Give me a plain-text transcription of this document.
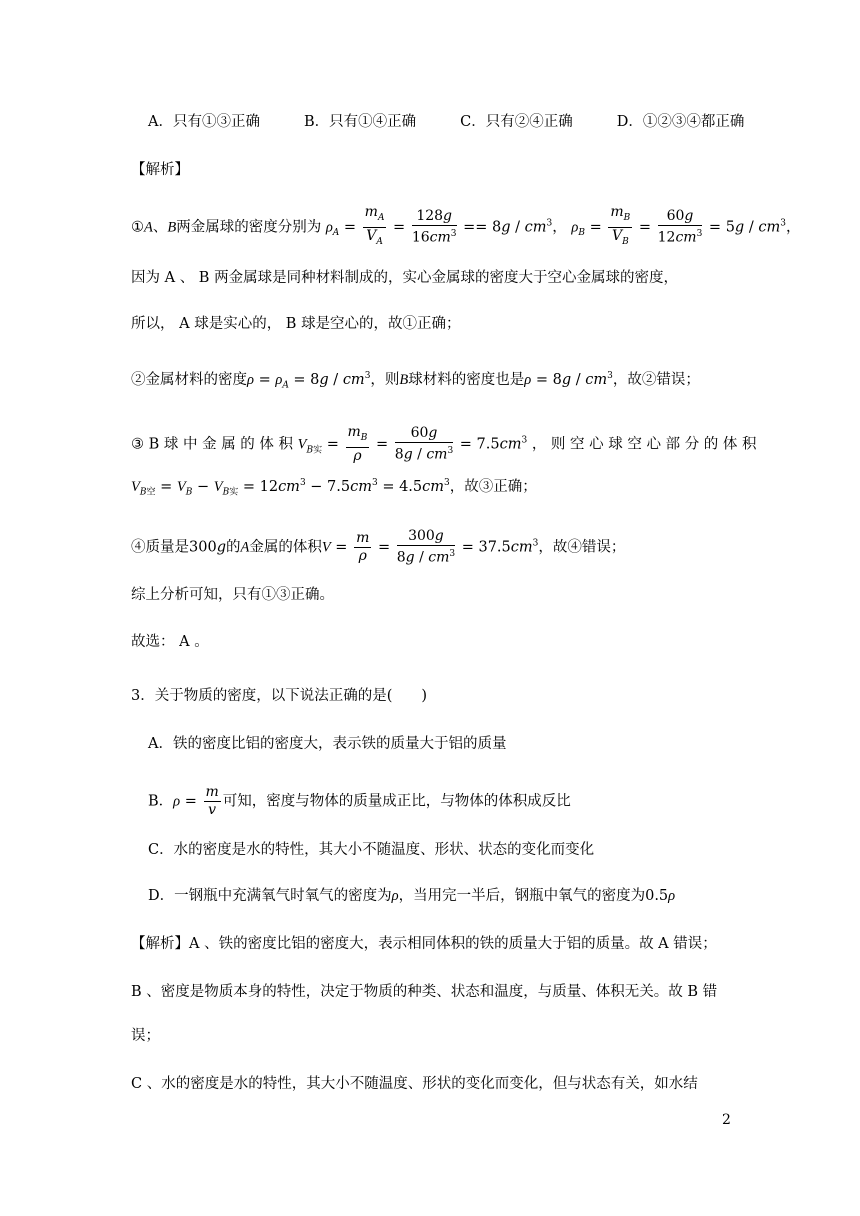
A．只有①③正确	B．只有①④正确	C．只有②④正确	D．①②③④都正确
【解析】
①A、B两金属球的密度分别为 $\rho_A = \frac{m_A}{V_A} = \frac{128g}{16cm^3} == 8g / cm^3$， $\rho_B = \frac{m_B}{V_B} = \frac{60g}{12cm^3} = 5g / cm^3$，
因为 A 、 B 两金属球是同种材料制成的，实心金属球的密度大于空心金属球的密度，
所以， A 球是实心的， B 球是空心的，故①正确；
②金属材料的密度$\rho = \rho_A = 8g / cm^3$，则B球材料的密度也是$\rho = 8g / cm^3$，故②错误；
③ B 球 中 金 属 的 体 积 $V_{B实} = \frac{m_B}{\rho} = \frac{60g}{8g / cm^3} = 7.5cm^3$ ， 则 空 心 球 空 心 部 分 的 体 积
$V_{B空} = V_B - V_{B实} = 12cm^3 - 7.5cm^3 = 4.5cm^3$，故③正确；
④质量是300g的A金属的体积$V = \frac{m}{\rho} = \frac{300g}{8g / cm^3} = 37.5cm^3$，故④错误；
综上分析可知，只有①③正确。
故选： A 。
3．关于物质的密度，以下说法正确的是(　　)
A．铁的密度比铝的密度大，表示铁的质量大于铝的质量
B．$\rho = \frac{m}{v}$ 可知，密度与物体的质量成正比，与物体的体积成反比
C．水的密度是水的特性，其大小不随温度、形状、状态的变化而变化
D．一钢瓶中充满氧气时氧气的密度为ρ，当用完一半后，钢瓶中氧气的密度为0.5ρ
【解析】A 、铁的密度比铝的密度大，表示相同体积的铁的质量大于铝的质量。故 A 错误；
B 、密度是物质本身的特性，决定于物质的种类、状态和温度，与质量、体积无关。故 B 错
误；
C 、水的密度是水的特性，其大小不随温度、形状的变化而变化，但与状态有关，如水结
2
